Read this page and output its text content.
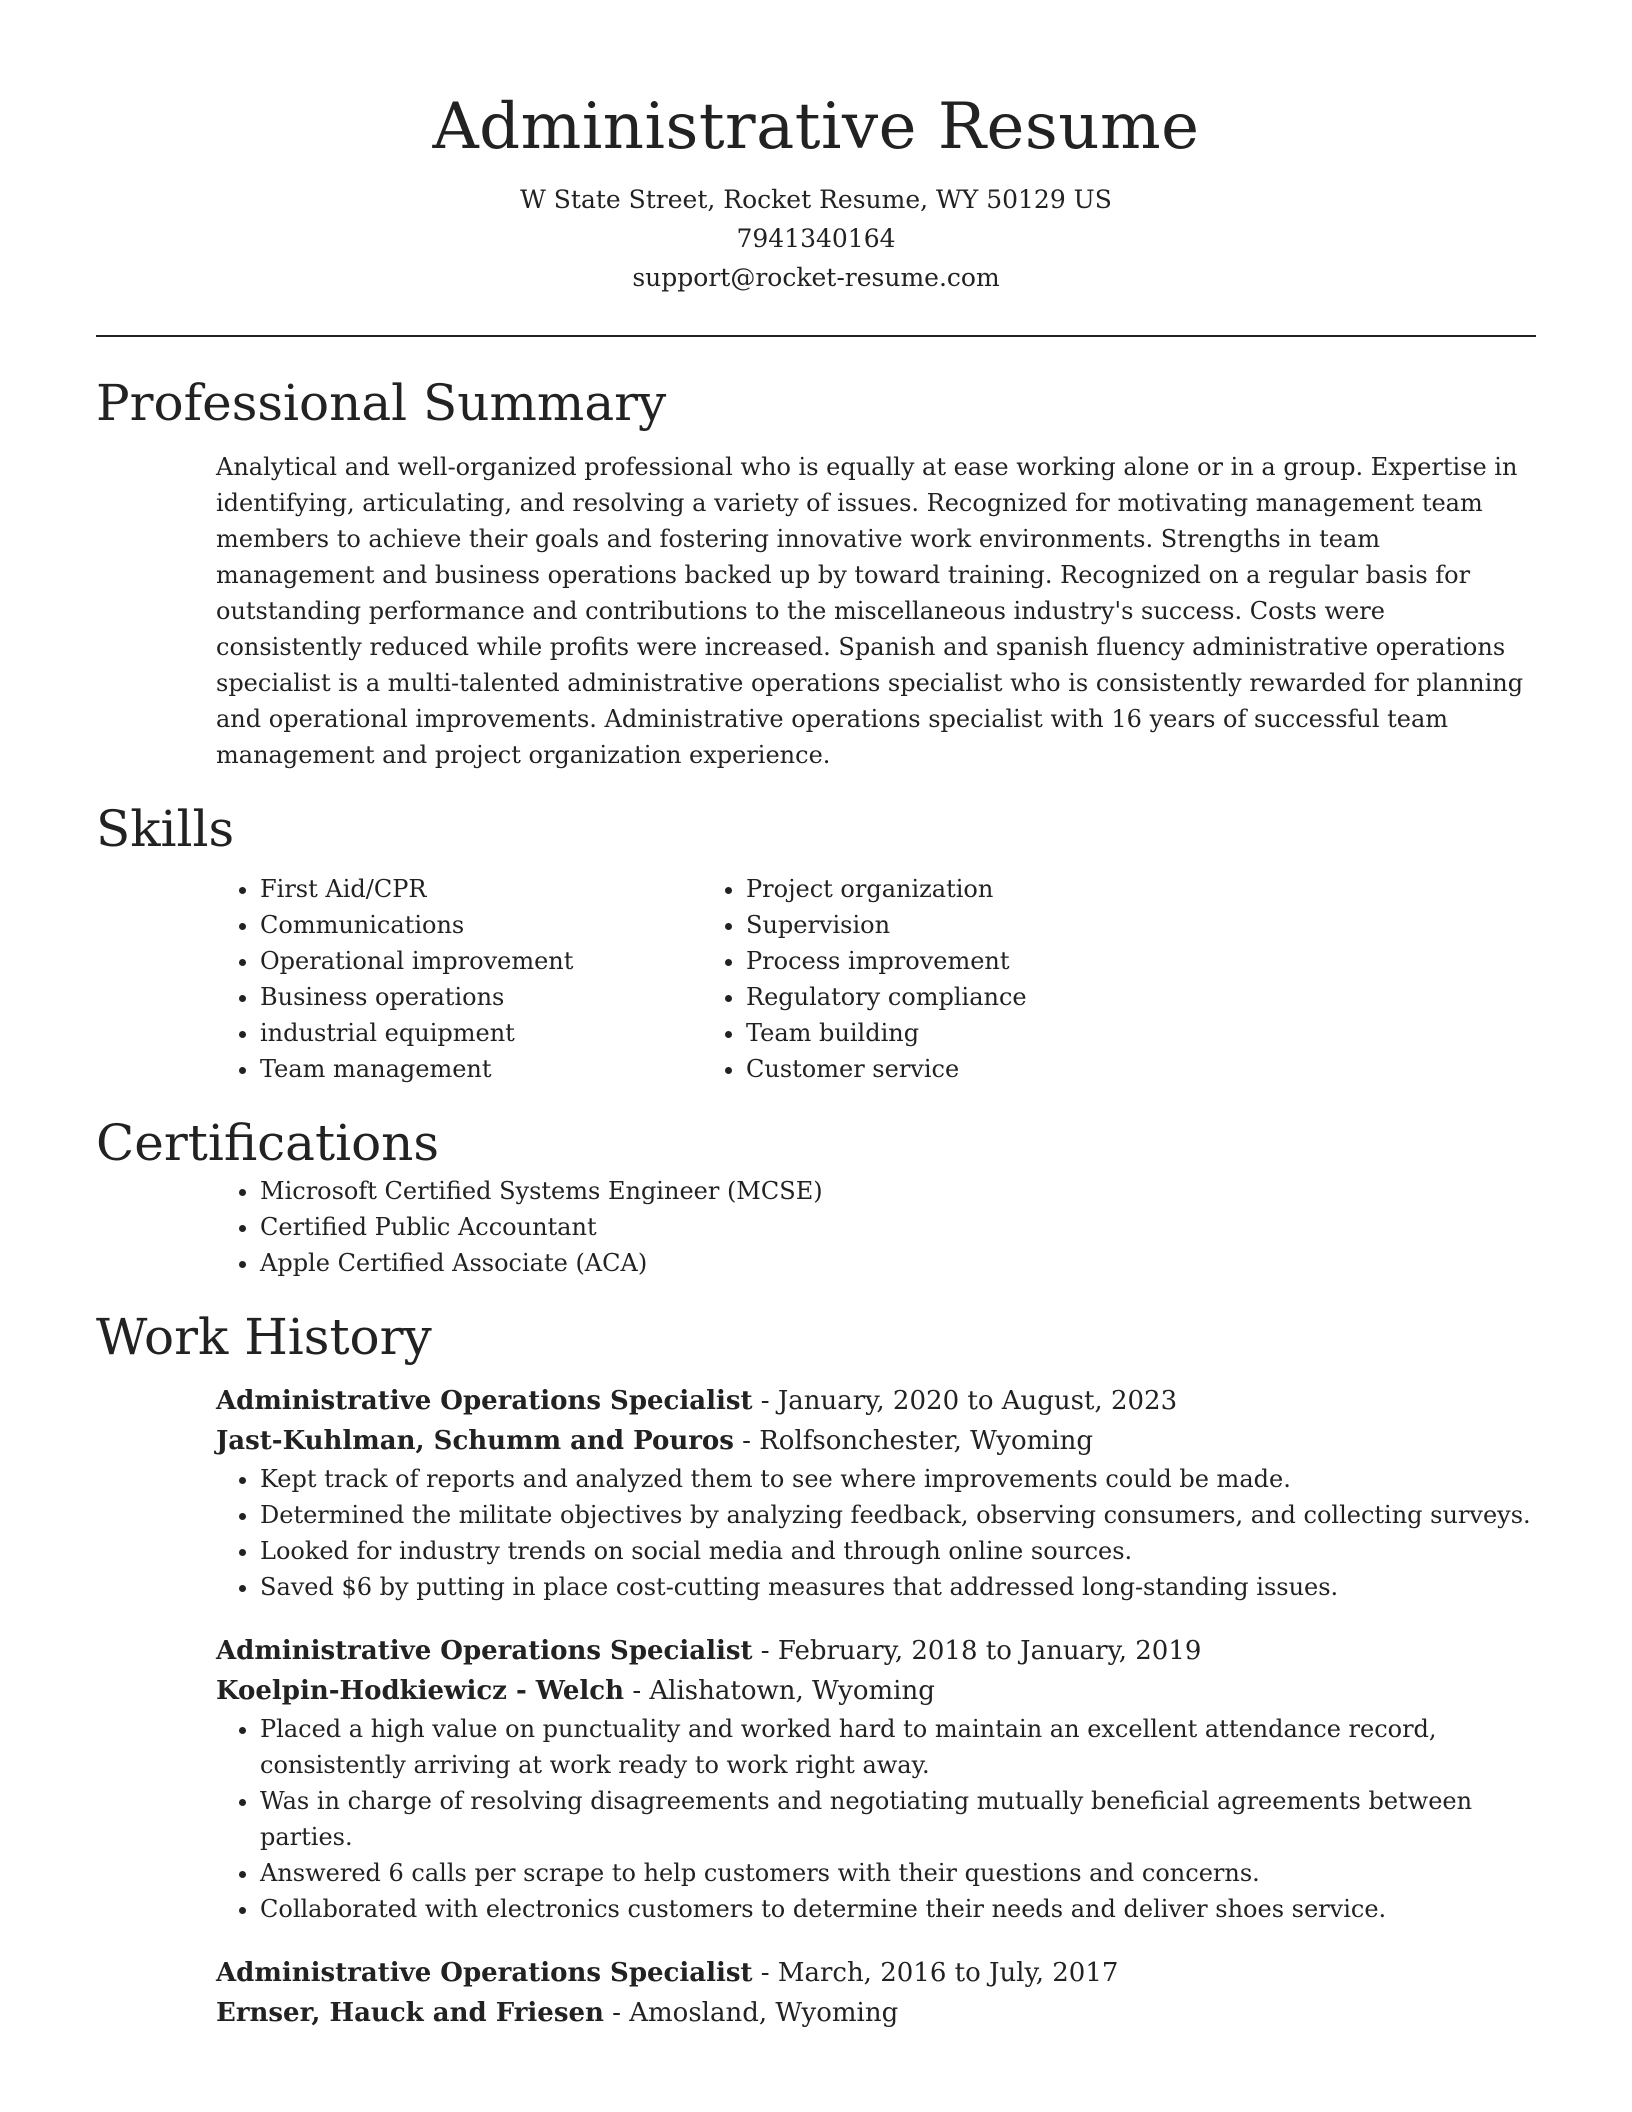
Administrative Resume

W State Street, Rocket Resume, WY 50129 US

7941340164

support@rocket-resume.com

Professional Summary

Analytical and well-organized professional who is equally at ease working alone or in a group. Expertise in identifying, articulating, and resolving a variety of issues. Recognized for motivating management team members to achieve their goals and fostering innovative work environments. Strengths in team management and business operations backed up by toward training. Recognized on a regular basis for outstanding performance and contributions to the miscellaneous industry's success. Costs were consistently reduced while profits were increased. Spanish and spanish fluency administrative operations specialist is a multi-talented administrative operations specialist who is consistently rewarded for planning and operational improvements. Administrative operations specialist with 16 years of successful team management and project organization experience.

Skills
• First Aid/CPR
• Communications
• Operational improvement
• Business operations
• industrial equipment
• Team management
• Project organization
• Supervision
• Process improvement
• Regulatory compliance
• Team building
• Customer service
Certifications
• Microsoft Certified Systems Engineer (MCSE)
• Certified Public Accountant
• Apple Certified Associate (ACA)
Work History

Administrative Operations Specialist - January, 2020 to August, 2023

Jast-Kuhlman, Schumm and Pouros - Rolfsonchester, Wyoming

• Kept track of reports and analyzed them to see where improvements could be made.
• Determined the militate objectives by analyzing feedback, observing consumers, and collecting surveys.
• Looked for industry trends on social media and through online sources.
• Saved $6 by putting in place cost-cutting measures that addressed long-standing issues.

Administrative Operations Specialist - February, 2018 to January, 2019

Koelpin-Hodkiewicz - Welch - Alishatown, Wyoming

• Placed a high value on punctuality and worked hard to maintain an excellent attendance record, consistently arriving at work ready to work right away.
• Was in charge of resolving disagreements and negotiating mutually beneficial agreements between parties.
• Answered 6 calls per scrape to help customers with their questions and concerns.
• Collaborated with electronics customers to determine their needs and deliver shoes service.

Administrative Operations Specialist - March, 2016 to July, 2017

Ernser, Hauck and Friesen - Amosland, Wyoming
